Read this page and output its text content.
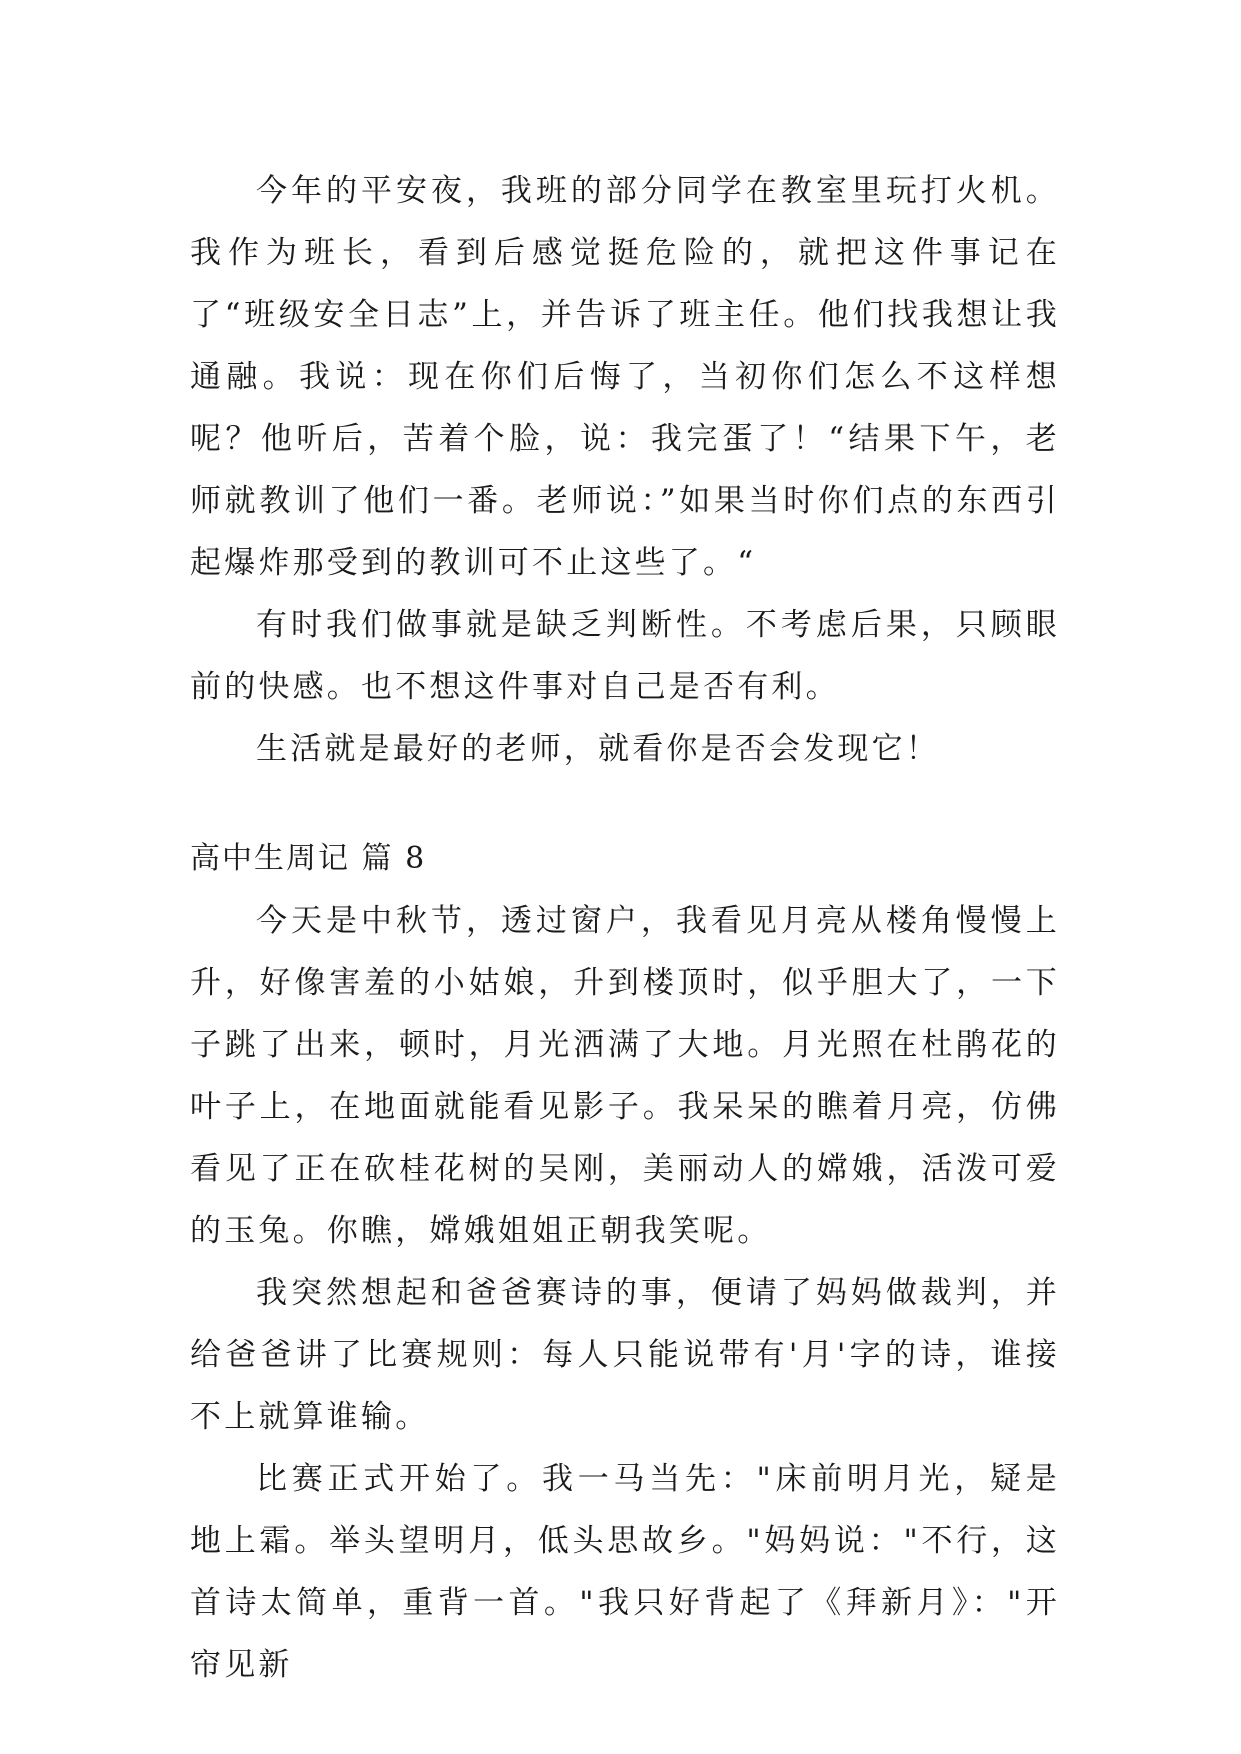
今年的平安夜，我班的部分同学在教室里玩打火机。我作为班长，看到后感觉挺危险的，就把这件事记在了“班级安全日志”上，并告诉了班主任。他们找我想让我通融。我说：现在你们后悔了，当初你们怎么不这样想呢？他听后，苦着个脸，说：我完蛋了！“结果下午，老师就教训了他们一番。老师说：”如果当时你们点的东西引起爆炸那受到的教训可不止这些了。“

有时我们做事就是缺乏判断性。不考虑后果，只顾眼前的快感。也不想这件事对自己是否有利。

生活就是最好的老师，就看你是否会发现它！

高中生周记 篇 8

今天是中秋节，透过窗户，我看见月亮从楼角慢慢上升，好像害羞的小姑娘，升到楼顶时，似乎胆大了，一下子跳了出来，顿时，月光洒满了大地。月光照在杜鹃花的叶子上，在地面就能看见影子。我呆呆的瞧着月亮，仿佛看见了正在砍桂花树的吴刚，美丽动人的嫦娥，活泼可爱的玉兔。你瞧，嫦娥姐姐正朝我笑呢。

我突然想起和爸爸赛诗的事，便请了妈妈做裁判，并给爸爸讲了比赛规则：每人只能说带有'月'字的诗，谁接不上就算谁输。

比赛正式开始了。我一马当先："床前明月光，疑是地上霜。举头望明月，低头思故乡。"妈妈说："不行，这首诗太简单，重背一首。"我只好背起了《拜新月》："开帘见新
